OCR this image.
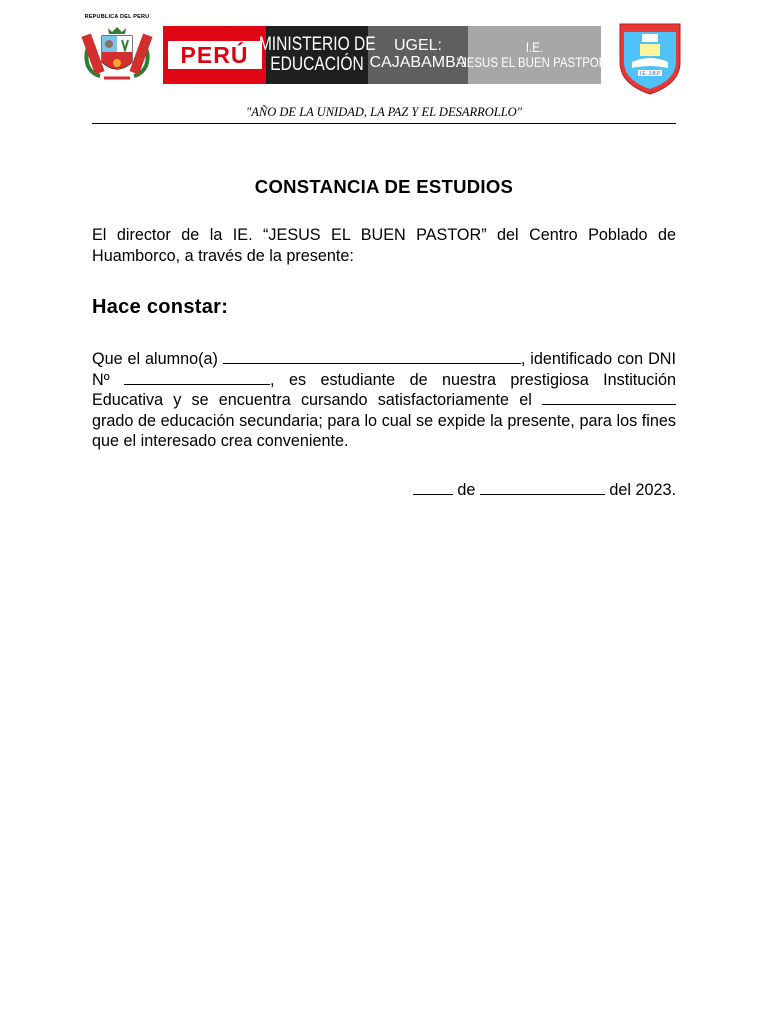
REPUBLICA DEL PERU
PERÚ MINISTERIO DE
EDUCACIÓN
UGEL:
CAJABAMBA
I.E.
"JESUS EL BUEN PASTPOR"
I.E. J.B.P
"AÑO DE LA UNIDAD, LA PAZ Y EL DESARROLLO"
CONSTANCIA DE ESTUDIOS
El director de la IE. “JESUS EL BUEN PASTOR” del Centro Poblado de Huamborco, a través de la presente:
Hace constar:
Que el alumno(a)	, identificado con DNI Nº	, es estudiante de nuestra prestigiosa Institución Educativa y se encuentra cursando satisfactoriamente el  grado de educación secundaria; para lo cual se expide la presente, para los fines que el interesado crea conveniente.
de	del 2023.
